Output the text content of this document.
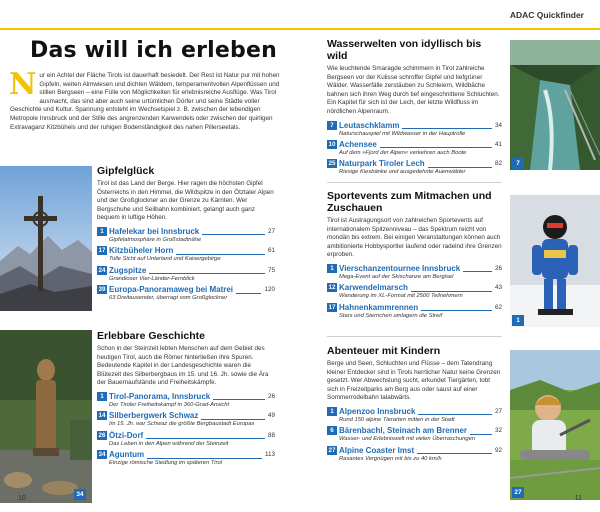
ADAC Quickfinder
Das will ich erleben
N ur ein Achtel der Fläche Tirols ist dauerhaft besiedelt. Der Rest ist Natur pur mit hohen Gipfeln, weiten Almwiesen und dichten Wäldern, temperamentvollen Alpenflüssen und stillen Bergseen – eine Fülle von Möglichkeiten für erlebnisreiche Ausflüge. Was Tirol ausmacht, das sind aber auch seine urtümlichen Dörfer und seine Städte voller Geschichte und Kultur. Spannung entsteht im Wechselspiel z. B. zwischen der lebendigen Metropole Innsbruck und der Stille des angrenzenden Karwendels oder zwischen der quirligen Extravaganz Kitzbühels und der ruhigen Bodenständigkeit des nahen Pillerseetals.
Gipfelglück

Tirol ist das Land der Berge. Hier ragen die höchsten Gipfel Österreichs in den Himmel, die Wildspitze in den Ötztaler Alpen und der Großglockner an der Grenze zu Kärnten. Wer Bergschuhe und Seilbahn kombiniert, gelangt auch ganz bequem in luftige Höhen.

1 Hafelekar bei Innsbruck	27
Gipfelatmosphäre in Großstadtnähe
17 Kitzbüheler Horn	61
Tolle Sicht auf Unterland und Kaisergebirge
24 Zugspitze	75
Grandioser Vier-Länder-Fernblick
39 Europa-Panoramaweg bei Matrei	120
63 Dreitausender, überragt vom Großglockner
34
Erlebbare Geschichte

Schon in der Steinzeit lebten Menschen auf dem Gebiet des heutigen Tirol, auch die Römer hinterließen ihre Spuren. Bedeutende Kapitel in der Landesgeschichte waren die Blütezeit des Silberbergbaus im 15. und 16. Jh. sowie die Ära der Bauernaufstände und Freiheitskämpfe.

1 Tirol-Panorama, Innsbruck	26
Der Tiroler Freiheitskampf in 360-Grad-Ansicht
14 Silberbergwerk Schwaz	49
Im 15. Jh. war Schwaz die größte Bergbaustadt Europas
26 Ötzi-Dorf	88
Das Leben in den Alpen während der Steinzeit
34 Aguntum	113
Einzige römische Siedlung im späteren Tirol
10
Wasserwelten von idyllisch bis wild

Wie leuchtende Smaragde schimmern in Tirol zahlreiche Bergseen vor der Kulisse schroffer Gipfel und tiefgrüner Wälder. Wasserfälle zerstäuben zu Schleiern, Wildbäche bahnen sich ihren Weg durch tief eingeschnittene Schluchten. Ein Kapitel für sich ist der Lech, der letzte Wildfluss im nördlichen Alpenraum.

7 Leutaschklamm	34
Naturschauspiel mit Wildwasser in der Hauptrolle
10 Achensee	41
Auf dem »Fjord der Alpen« verkehren auch Boote
25 Naturpark Tiroler Lech	82
Riesige Kiesbänke und ausgedehnte Auenwälder
7
Sportevents zum Mitmachen und Zuschauen

Tirol ist Austragungsort von zahlreichen Sportevents auf internationalem Spitzenniveau – das Spektrum reicht von mondän bis extrem. Bei einigen Veranstaltungen können auch ambitionierte Hobbysportler laufend oder radelnd ihre Grenzen erproben.

1 Vierschanzentournee Innsbruck	26
Mega-Event auf der Skischanze am Bergisel
12 Karwendelmarsch	43
Wanderung im XL-Format mit 2500 Teilnehmern
17 Hahnenkammrennen	62
Stars und Sternchen umlagern die Streif
1
Abenteuer mit Kindern

Berge und Seen, Schluchten und Flüsse – dem Tatendrang kleiner Entdecker sind in Tirols herrlicher Natur keine Grenzen gesetzt. Wer Abwechslung sucht, erkundet Tiergärten, tobt sich in Freizeitparks am Berg aus oder saust auf einer Sommerrodelbahn talabwärts.

1 Alpenzoo Innsbruck	27
Rund 150 alpine Tierarten mitten in der Stadt
6 Bärenbachl, Steinach am Brenner	32
Wasser- und Erlebniswelt mit vielen Überraschungen
27 Alpine Coaster Imst	92
Rasantes Vergnügen mit bis zu 40 km/h
27
11
